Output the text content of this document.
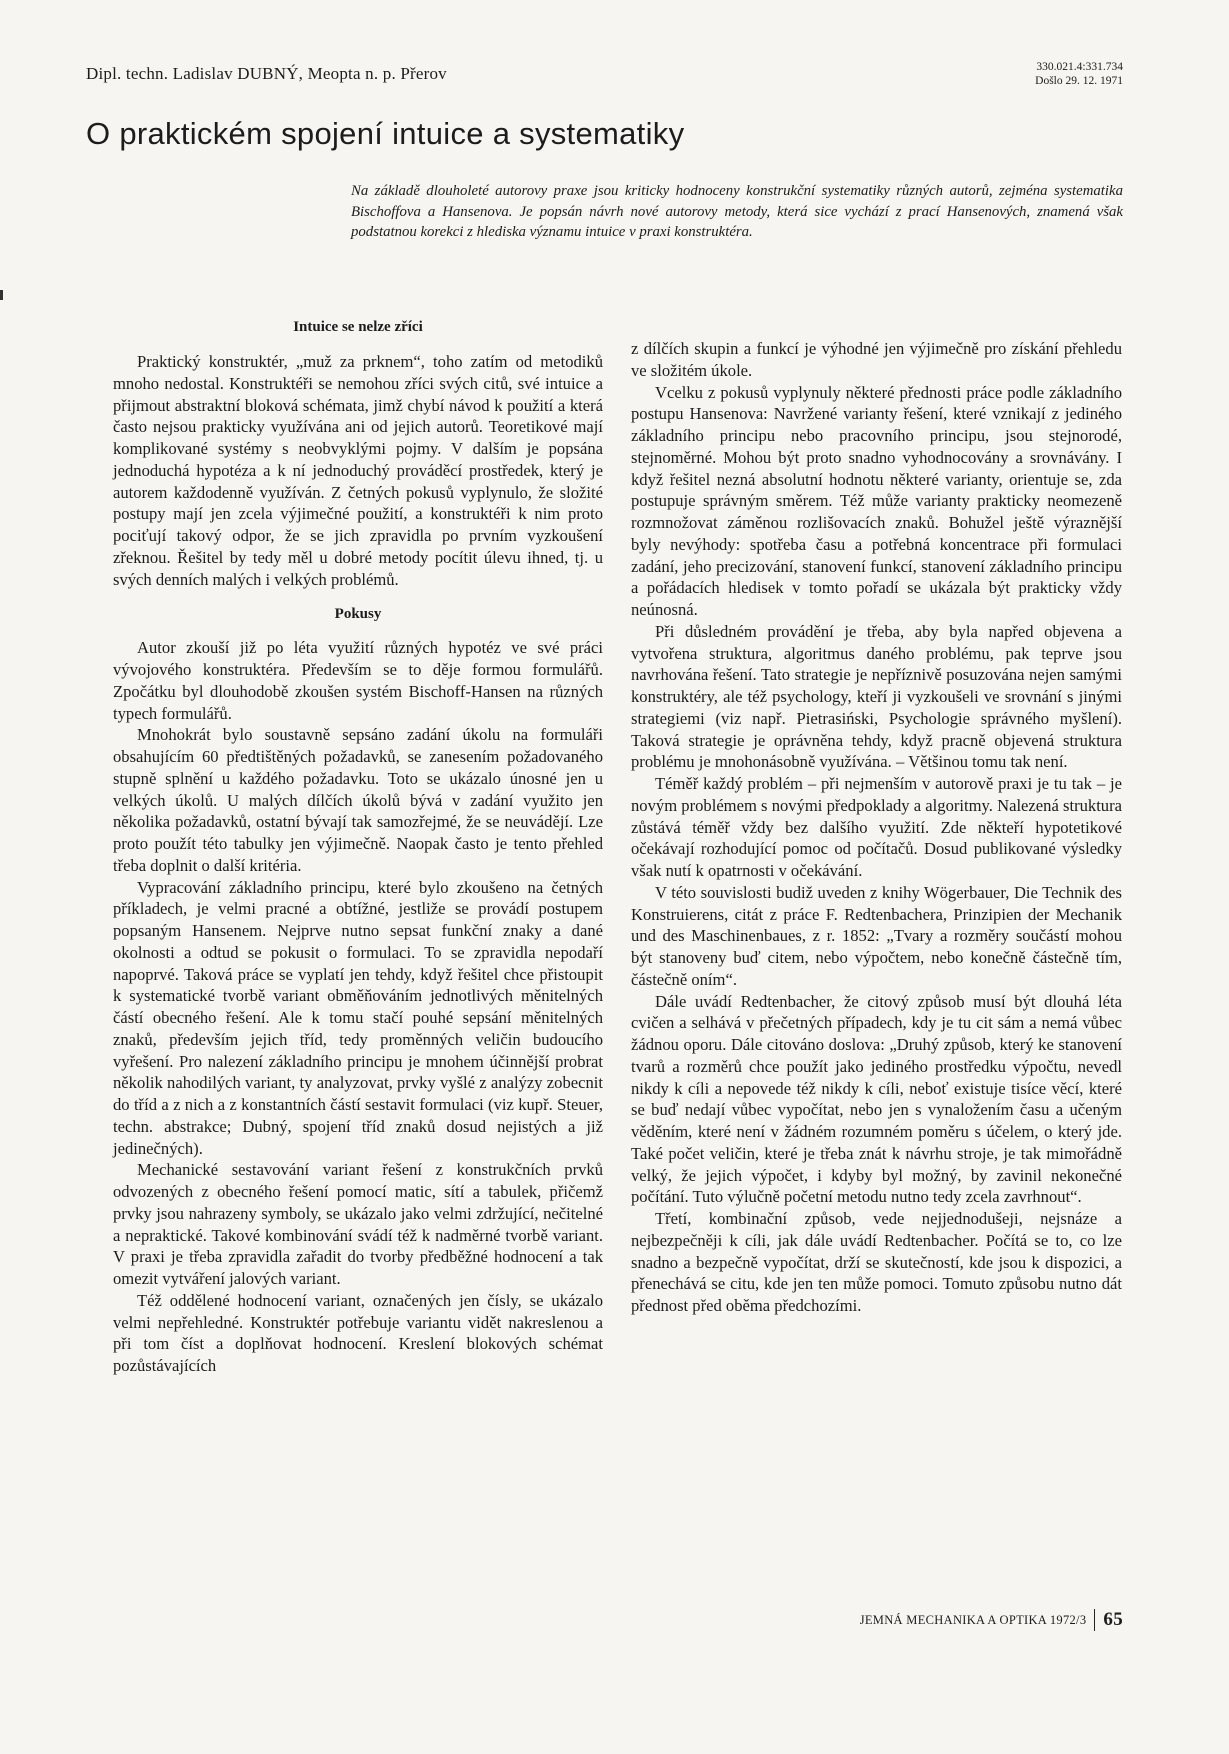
Dipl. techn. Ladislav DUBNÝ, Meopta n. p. Přerov	330.021.4:331.734
Došlo 29. 12. 1971
O praktickém spojení intuice a systematiky

Na základě dlouholeté autorovy praxe jsou kriticky hodnoceny konstrukční systematiky různých autorů, zejména systematika Bischoffova a Hansenova. Je popsán návrh nové autorovy metody, která sice vychází z prací Hansenových, znamená však podstatnou korekci z hlediska významu intuice v praxi konstruktéra.

Intuice se nelze zříci

Praktický konstruktér, „muž za prknem“, toho zatím od metodiků mnoho nedostal. Konstruktéři se nemohou zříci svých citů, své intuice a přijmout abstraktní bloková schémata, jimž chybí návod k použití a která často nejsou prakticky využívána ani od jejich autorů. Teoretikové mají komplikované systémy s neobvyklými pojmy. V dalším je popsána jednoduchá hypotéza a k ní jednoduchý prováděcí prostředek, který je autorem každodenně využíván. Z četných pokusů vyplynulo, že složité postupy mají jen zcela výjimečné použití, a konstruktéři k nim proto pociťují takový odpor, že se jich zpravidla po prvním vyzkoušení zřeknou. Řešitel by tedy měl u dobré metody pocítit úlevu ihned, tj. u svých denních malých i velkých problémů.

Pokusy

Autor zkouší již po léta využití různých hypotéz ve své práci vývojového konstruktéra. Především se to děje formou formulářů. Zpočátku byl dlouhodobě zkoušen systém Bischoff-Hansen na různých typech formulářů.

Mnohokrát bylo soustavně sepsáno zadání úkolu na formuláři obsahujícím 60 předtištěných požadavků, se zanesením požadovaného stupně splnění u každého požadavku. Toto se ukázalo únosné jen u velkých úkolů. U malých dílčích úkolů bývá v zadání využito jen několika požadavků, ostatní bývají tak samozřejmé, že se neuvádějí. Lze proto použít této tabulky jen výjimečně. Naopak často je tento přehled třeba doplnit o další kritéria.

Vypracování základního principu, které bylo zkoušeno na četných příkladech, je velmi pracné a obtížné, jestliže se provádí postupem popsaným Hansenem. Nejprve nutno sepsat funkční znaky a dané okolnosti a odtud se pokusit o formulaci. To se zpravidla nepodaří napoprvé. Taková práce se vyplatí jen tehdy, když řešitel chce přistoupit k systematické tvorbě variant obměňováním jednotlivých měnitelných částí obecného řešení. Ale k tomu stačí pouhé sepsání měnitelných znaků, především jejich tříd, tedy proměnných veličin budoucího vyřešení. Pro nalezení základního principu je mnohem účinnější probrat několik nahodilých variant, ty analyzovat, prvky vyšlé z analýzy zobecnit do tříd a z nich a z konstantních částí sestavit formulaci (viz kupř. Steuer, techn. abstrakce; Dubný, spojení tříd znaků dosud nejistých a již jedinečných).

Mechanické sestavování variant řešení z konstrukčních prvků odvozených z obecného řešení pomocí matic, sítí a tabulek, přičemž prvky jsou nahrazeny symboly, se ukázalo jako velmi zdržující, nečitelné a nepraktické. Takové kombinování svádí též k nadměrné tvorbě variant. V praxi je třeba zpravidla zařadit do tvorby předběžné hodnocení a tak omezit vytváření jalových variant.

Též oddělené hodnocení variant, označených jen čísly, se ukázalo velmi nepřehledné. Konstruktér potřebuje variantu vidět nakreslenou a při tom číst a doplňovat hodnocení. Kreslení blokových schémat pozůstávajících

z dílčích skupin a funkcí je výhodné jen výjimečně pro získání přehledu ve složitém úkole.

Vcelku z pokusů vyplynuly některé přednosti práce podle základního postupu Hansenova: Navržené varianty řešení, které vznikají z jediného základního principu nebo pracovního principu, jsou stejnorodé, stejnoměrné. Mohou být proto snadno vyhodnocovány a srovnávány. I když řešitel nezná absolutní hodnotu některé varianty, orientuje se, zda postupuje správným směrem. Též může varianty prakticky neomezeně rozmnožovat záměnou rozlišovacích znaků. Bohužel ještě výraznější byly nevýhody: spotřeba času a potřebná koncentrace při formulaci zadání, jeho precizování, stanovení funkcí, stanovení základního principu a pořádacích hledisek v tomto pořadí se ukázala být prakticky vždy neúnosná.

Při důsledném provádění je třeba, aby byla napřed objevena a vytvořena struktura, algoritmus daného problému, pak teprve jsou navrhována řešení. Tato strategie je nepříznivě posuzována nejen samými konstruktéry, ale též psychology, kteří ji vyzkoušeli ve srovnání s jinými strategiemi (viz např. Pietrasiński, Psychologie správného myšlení). Taková strategie je oprávněna tehdy, když pracně objevená struktura problému je mnohonásobně využívána. – Většinou tomu tak není.

Téměř každý problém – při nejmenším v autorově praxi je tu tak – je novým problémem s novými předpoklady a algoritmy. Nalezená struktura zůstává téměř vždy bez dalšího využití. Zde někteří hypotetikové očekávají rozhodující pomoc od počítačů. Dosud publikované výsledky však nutí k opatrnosti v očekávání.

V této souvislosti budiž uveden z knihy Wögerbauer, Die Technik des Konstruierens, citát z práce F. Redtenbachera, Prinzipien der Mechanik und des Maschinenbaues, z r. 1852: „Tvary a rozměry součástí mohou být stanoveny buď citem, nebo výpočtem, nebo konečně částečně tím, částečně oním“.

Dále uvádí Redtenbacher, že citový způsob musí být dlouhá léta cvičen a selhává v přečetných případech, kdy je tu cit sám a nemá vůbec žádnou oporu. Dále citováno doslova: „Druhý způsob, který ke stanovení tvarů a rozměrů chce použít jako jediného prostředku výpočtu, nevedl nikdy k cíli a nepovede též nikdy k cíli, neboť existuje tisíce věcí, které se buď nedají vůbec vypočítat, nebo jen s vynaložením času a učeným věděním, které není v žádném rozumném poměru s účelem, o který jde. Také počet veličin, které je třeba znát k návrhu stroje, je tak mimořádně velký, že jejich výpočet, i kdyby byl možný, by zavinil nekonečné počítání. Tuto výlučně početní metodu nutno tedy zcela zavrhnout“.

Třetí, kombinační způsob, vede nejjednodušeji, nejsnáze a nejbezpečněji k cíli, jak dále uvádí Redtenbacher. Počítá se to, co lze snadno a bezpečně vypočítat, drží se skutečností, kde jsou k dispozici, a přenechává se citu, kde jen ten může pomoci. Tomuto způsobu nutno dát přednost před oběma předchozími.

JEMNÁ MECHANIKA A OPTIKA 1972/3 65
